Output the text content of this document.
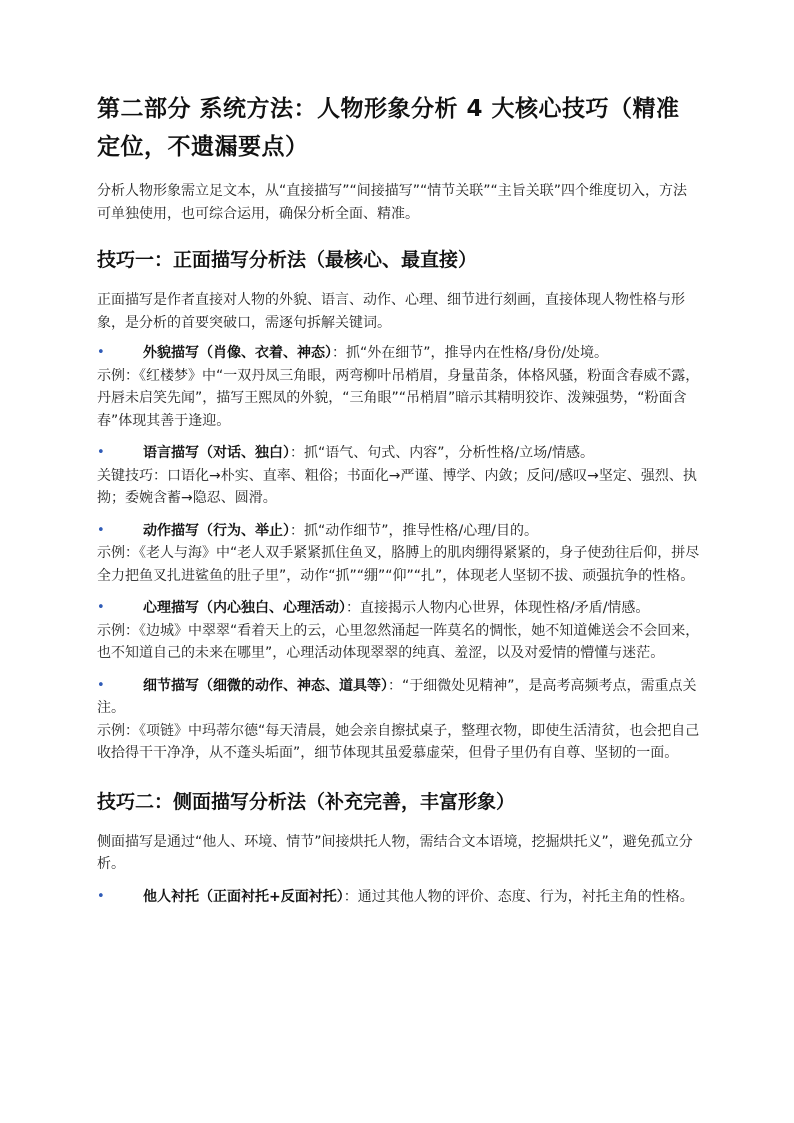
第二部分 系统方法：人物形象分析 4 大核心技巧（精准定位，不遗漏要点）

分析人物形象需立足文本，从“直接描写”“间接描写”“情节关联”“主旨关联”四个维度切入，方法可单独使用，也可综合运用，确保分析全面、精准。

技巧一：正面描写分析法（最核心、最直接）

正面描写是作者直接对人物的外貌、语言、动作、心理、细节进行刻画，直接体现人物性格与形象，是分析的首要突破口，需逐句拆解关键词。

•	外貌描写（肖像、衣着、神态）：抓“外在细节”，推导内在性格/身份/处境。

示例：《红楼梦》中“一双丹凤三角眼，两弯柳叶吊梢眉，身量苗条，体格风骚，粉面含春威不露，丹唇未启笑先闻”，描写王熙凤的外貌，“三角眼”“吊梢眉”暗示其精明狡诈、泼辣强势，“粉面含春”体现其善于逢迎。

•	语言描写（对话、独白）：抓“语气、句式、内容”，分析性格/立场/情感。

关键技巧：口语化→朴实、直率、粗俗；书面化→严谨、博学、内敛；反问/感叹→坚定、强烈、执拗；委婉含蓄→隐忍、圆滑。

•	动作描写（行为、举止）：抓“动作细节”，推导性格/心理/目的。

示例：《老人与海》中“老人双手紧紧抓住鱼叉，胳膊上的肌肉绷得紧紧的，身子使劲往后仰，拼尽全力把鱼叉扎进鲨鱼的肚子里”，动作“抓”“绷”“仰”“扎”，体现老人坚韧不拔、顽强抗争的性格。

•	心理描写（内心独白、心理活动）：直接揭示人物内心世界，体现性格/矛盾/情感。

示例：《边城》中翠翠“看着天上的云，心里忽然涌起一阵莫名的惆怅，她不知道傩送会不会回来，也不知道自己的未来在哪里”，心理活动体现翠翠的纯真、羞涩，以及对爱情的懵懂与迷茫。

•	细节描写（细微的动作、神态、道具等）：“于细微处见精神”，是高考高频考点，需重点关注。

示例：《项链》中玛蒂尔德“每天清晨，她会亲自擦拭桌子，整理衣物，即使生活清贫，也会把自己收拾得干干净净，从不蓬头垢面”，细节体现其虽爱慕虚荣，但骨子里仍有自尊、坚韧的一面。

技巧二：侧面描写分析法（补充完善，丰富形象）

侧面描写是通过“他人、环境、情节”间接烘托人物，需结合文本语境，挖掘烘托义”，避免孤立分析。

•	他人衬托（正面衬托+反面衬托）：通过其他人物的评价、态度、行为，衬托主角的性格。
